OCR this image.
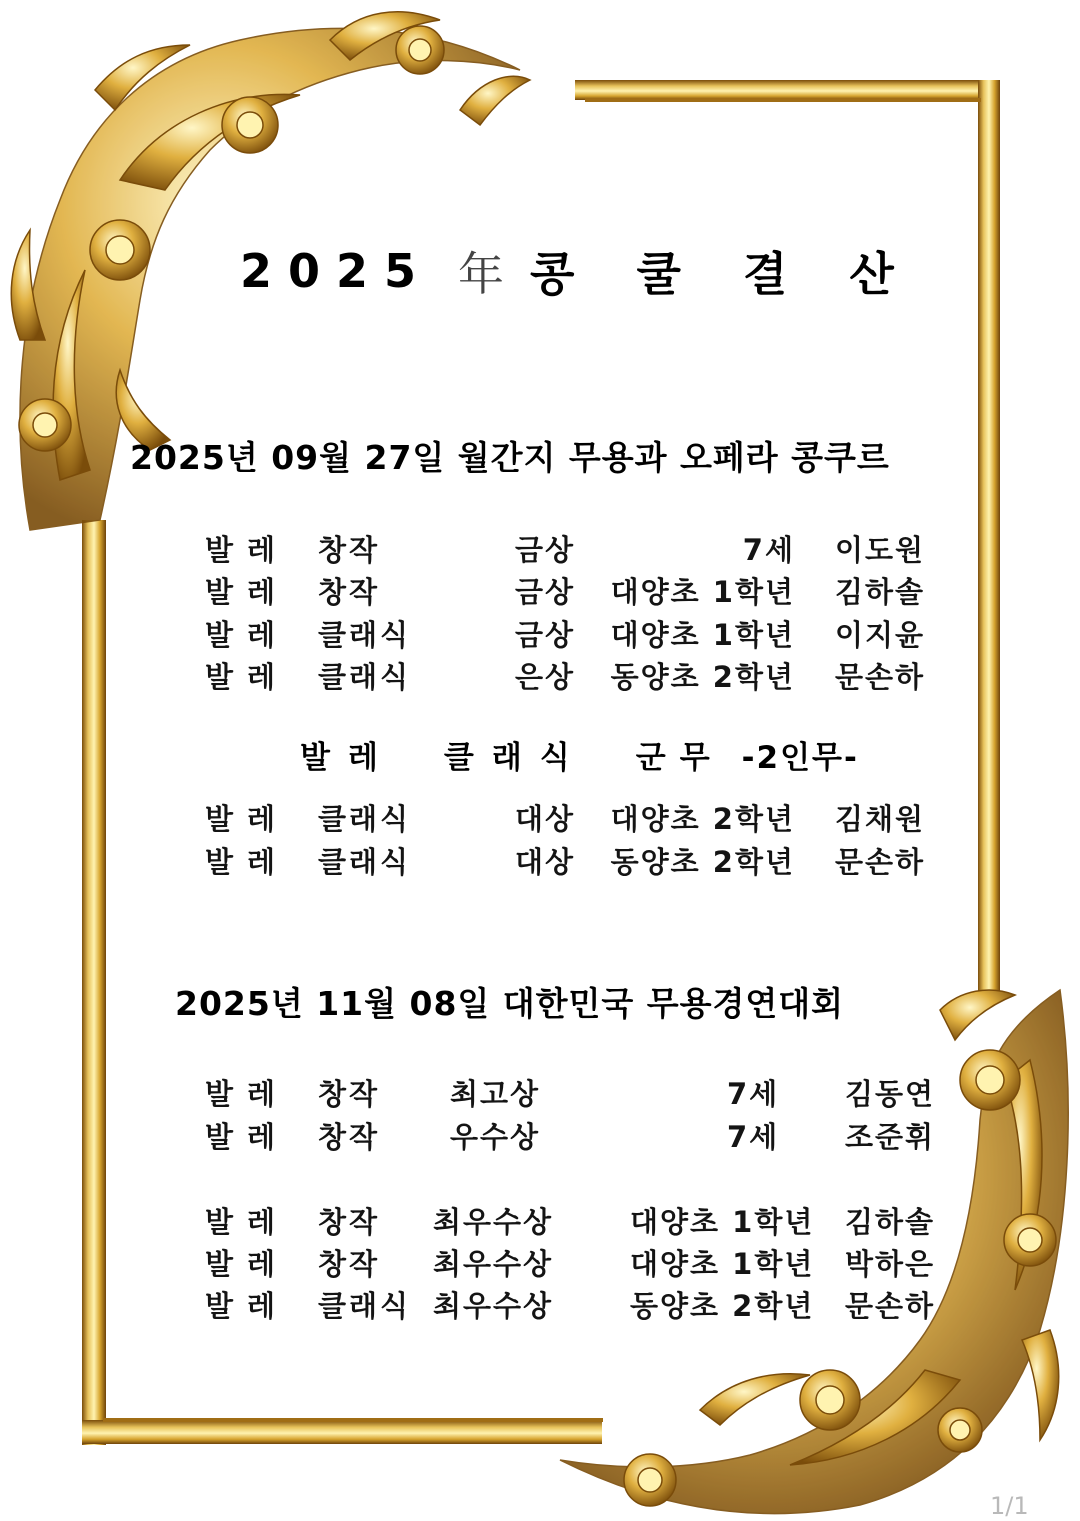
2025 年 콩 쿨 결 산
2025년 09월 27일 월간지 무용과 오페라 콩쿠르
발레 창작	금상	7세 이도원
발레 창작	금상 대양초 1학년 김하솔
발레 클래식	금상 대양초 1학년 이지윤
발레 클래식	은상 동양초 2학년 문손하
발레 클래식 군무 -2인무-
발레 클래식	대상 대양초 2학년 김채원
발레 클래식	대상 동양초 2학년 문손하
2025년 11월 08일 대한민국 무용경연대회
발레 창작 최고상	7세 김동연
발레 창작 우수상	7세 조준휘
발레 창작 최우수상	대양초 1학년 김하솔
발레 창작 최우수상	대양초 1학년 박하은
발레 클래식 최우수상	동양초 2학년 문손하
1/1
